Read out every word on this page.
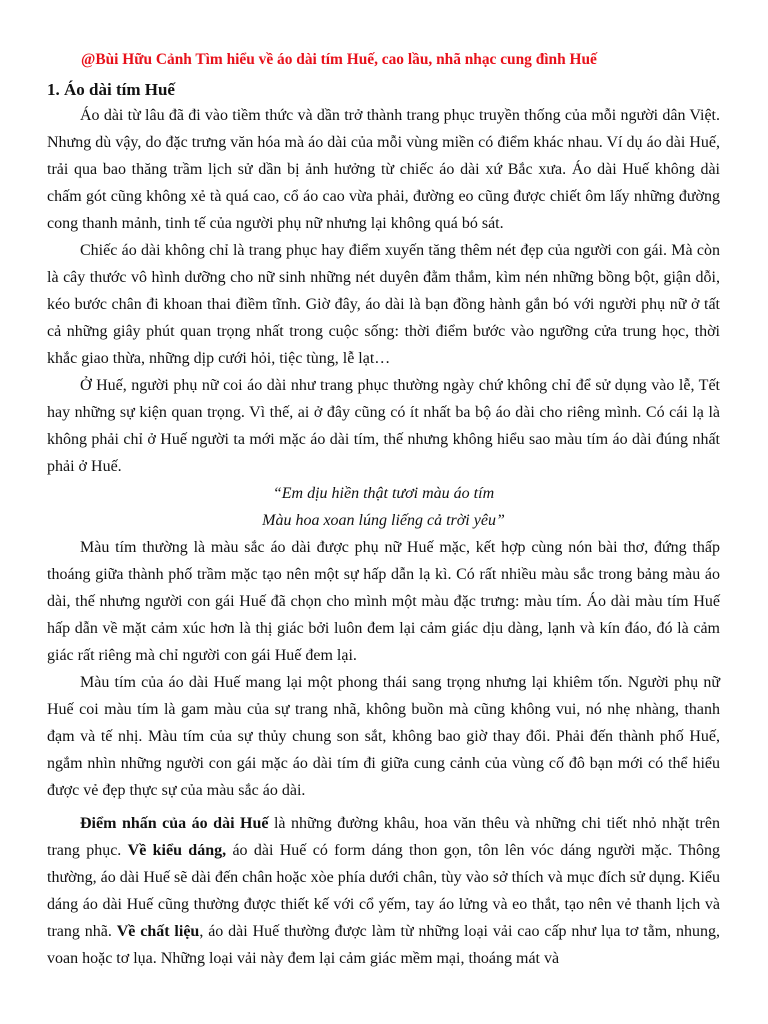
@Bùi Hữu Cảnh Tìm hiểu về áo dài tím Huế, cao lầu, nhã nhạc cung đình Huế
1. Áo dài tím Huế

Áo dài từ lâu đã đi vào tiềm thức và dần trở thành trang phục truyền thống của mỗi người dân Việt. Nhưng dù vậy, do đặc trưng văn hóa mà áo dài của mỗi vùng miền có điểm khác nhau. Ví dụ áo dài Huế, trải qua bao thăng trầm lịch sử dần bị ảnh hưởng từ chiếc áo dài xứ Bắc xưa. Áo dài Huế không dài chấm gót cũng không xẻ tà quá cao, cổ áo cao vừa phải, đường eo cũng được chiết ôm lấy những đường cong thanh mảnh, tinh tế của người phụ nữ nhưng lại không quá bó sát.

Chiếc áo dài không chỉ là trang phục hay điểm xuyến tăng thêm nét đẹp của người con gái. Mà còn là cây thước vô hình dưỡng cho nữ sinh những nét duyên đằm thắm, kìm nén những bồng bột, giận dỗi, kéo bước chân đi khoan thai điềm tĩnh. Giờ đây, áo dài là bạn đồng hành gắn bó với người phụ nữ ở tất cả những giây phút quan trọng nhất trong cuộc sống: thời điểm bước vào ngưỡng cửa trung học, thời khắc giao thừa, những dịp cưới hỏi, tiệc tùng, lễ lạt…

Ở Huế, người phụ nữ coi áo dài như trang phục thường ngày chứ không chỉ để sử dụng vào lễ, Tết hay những sự kiện quan trọng. Vì thế, ai ở đây cũng có ít nhất ba bộ áo dài cho riêng mình. Có cái lạ là không phải chỉ ở Huế người ta mới mặc áo dài tím, thế nhưng không hiểu sao màu tím áo dài đúng nhất phải ở Huế.

“Em dịu hiền thật tươi màu áo tím
Màu hoa xoan lúng liếng cả trời yêu”

Màu tím thường là màu sắc áo dài được phụ nữ Huế mặc, kết hợp cùng nón bài thơ, đứng thấp thoáng giữa thành phố trầm mặc tạo nên một sự hấp dẫn lạ kì. Có rất nhiều màu sắc trong bảng màu áo dài, thế nhưng người con gái Huế đã chọn cho mình một màu đặc trưng: màu tím. Áo dài màu tím Huế hấp dẫn về mặt cảm xúc hơn là thị giác bởi luôn đem lại cảm giác dịu dàng, lạnh và kín đáo, đó là cảm giác rất riêng mà chỉ người con gái Huế đem lại.

Màu tím của áo dài Huế mang lại một phong thái sang trọng nhưng lại khiêm tốn. Người phụ nữ Huế coi màu tím là gam màu của sự trang nhã, không buồn mà cũng không vui, nó nhẹ nhàng, thanh đạm và tế nhị. Màu tím của sự thủy chung son sắt, không bao giờ thay đổi. Phải đến thành phố Huế, ngắm nhìn những người con gái mặc áo dài tím đi giữa cung cảnh của vùng cố đô bạn mới có thể hiểu được vẻ đẹp thực sự của màu sắc áo dài.

Điểm nhấn của áo dài Huế là những đường khâu, hoa văn thêu và những chi tiết nhỏ nhặt trên trang phục. Về kiểu dáng, áo dài Huế có form dáng thon gọn, tôn lên vóc dáng người mặc. Thông thường, áo dài Huế sẽ dài đến chân hoặc xòe phía dưới chân, tùy vào sở thích và mục đích sử dụng. Kiểu dáng áo dài Huế cũng thường được thiết kế với cổ yếm, tay áo lửng và eo thắt, tạo nên vẻ thanh lịch và trang nhã. Về chất liệu, áo dài Huế thường được làm từ những loại vải cao cấp như lụa tơ tằm, nhung, voan hoặc tơ lụa. Những loại vải này đem lại cảm giác mềm mại, thoáng mát và
